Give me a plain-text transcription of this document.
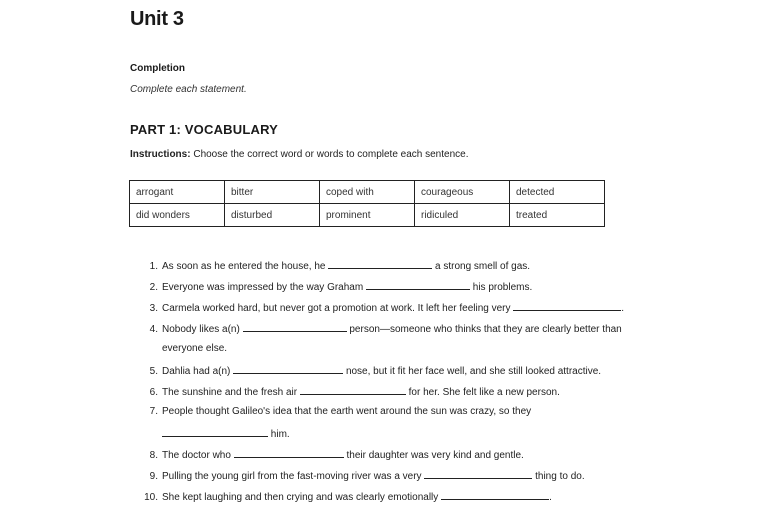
Unit 3
Completion
Complete each statement.
PART 1: VOCABULARY
Instructions: Choose the correct word or words to complete each sentence.
arrogant	bitter	coped with	courageous	detected
did wonders	disturbed	prominent	ridiculed	treated
1. As soon as he entered the house, he	a strong smell of gas.
2. Everyone was impressed by the way Graham	his problems.
3. Carmela worked hard, but never got a promotion at work. It left her feeling very	.
4. Nobody likes a(n)	person—someone who thinks that they are clearly better than
everyone else.
5. Dahlia had a(n)	nose, but it fit her face well, and she still looked attractive.
6. The sunshine and the fresh air	for her. She felt like a new person.
7. People thought Galileo's idea that the earth went around the sun was crazy, so they
him.
8. The doctor who	their daughter was very kind and gentle.
9. Pulling the young girl from the fast-moving river was a very	thing to do.
10. She kept laughing and then crying and was clearly emotionally	.
